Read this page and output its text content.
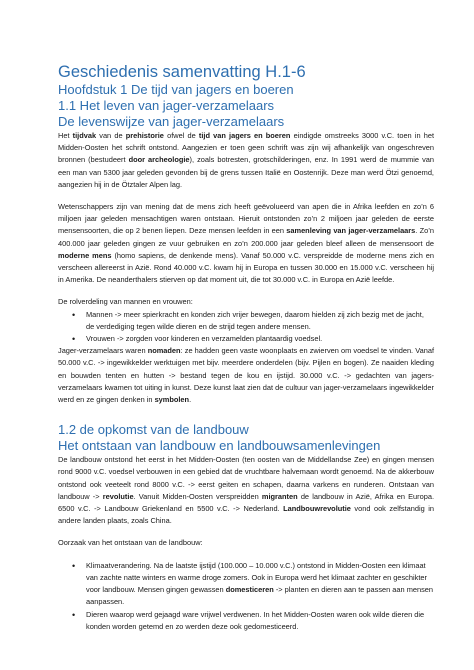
Geschiedenis samenvatting H.1-6
Hoofdstuk 1 De tijd van jagers en boeren
1.1 Het leven van jager-verzamelaars
De levenswijze van jager-verzamelaars

Het tijdvak van de prehistorie ofwel de tijd van jagers en boeren eindigde omstreeks 3000 v.C. toen in het Midden-Oosten het schrift ontstond. Aangezien er toen geen schrift was zijn wij afhankelijk van ongeschreven bronnen (bestudeert door archeologie), zoals botresten, grotschilderingen, enz. In 1991 werd de mummie van een man van 5300 jaar geleden gevonden bij de grens tussen Italië en Oostenrijk. Deze man werd Ötzi genoemd, aangezien hij in de Ötztaler Alpen lag.

Wetenschappers zijn van mening dat de mens zich heeft geëvolueerd van apen die in Afrika leefden en zo’n 6 miljoen jaar geleden mensachtigen waren ontstaan. Hieruit ontstonden zo’n 2 miljoen jaar geleden de eerste mensensoorten, die op 2 benen liepen. Deze mensen leefden in een samenleving van jager-verzamelaars. Zo’n 400.000 jaar geleden gingen ze vuur gebruiken en zo’n 200.000 jaar geleden bleef alleen de mensensoort de moderne mens (homo sapiens, de denkende mens). Vanaf 50.000 v.C. verspreidde de moderne mens zich en verscheen allereerst in Azië. Rond 40.000 v.C. kwam hij in Europa en tussen 30.000 en 15.000 v.C. verscheen hij in Amerika. De neanderthalers stierven op dat moment uit, die tot 30.000 v.C. in Europa en Azië leefde.

De rolverdeling van mannen en vrouwen:

• Mannen -> meer spierkracht en konden zich vrijer bewegen, daarom hielden zij zich bezig met de jacht, de verdediging tegen wilde dieren en de strijd tegen andere mensen.
• Vrouwen -> zorgden voor kinderen en verzamelden plantaardig voedsel.

Jager-verzamelaars waren nomaden: ze hadden geen vaste woonplaats en zwierven om voedsel te vinden. Vanaf 50.000 v.C. -> ingewikkelder werktuigen met bijv. meerdere onderdelen (bijv. Pijlen en bogen). Ze naaiden kleding en bouwden tenten en hutten -> bestand tegen de kou en ijstijd. 30.000 v.C. -> gedachten van jagers-verzamelaars kwamen tot uiting in kunst. Deze kunst laat zien dat de cultuur van jager-verzamelaars ingewikkelder werd en ze gingen denken in symbolen.

1.2 de opkomst van de landbouw
Het ontstaan van landbouw en landbouwsamenlevingen

De landbouw ontstond het eerst in het Midden-Oosten (ten oosten van de Middellandse Zee) en gingen mensen rond 9000 v.C. voedsel verbouwen in een gebied dat de vruchtbare halvemaan wordt genoemd. Na de akkerbouw ontstond ook veeteelt rond 8000 v.C. -> eerst geiten en schapen, daarna varkens en runderen. Ontstaan van landbouw -> revolutie. Vanuit Midden-Oosten verspreidden migranten de landbouw in Azië, Afrika en Europa. 6500 v.C. -> Landbouw Griekenland en 5500 v.C. -> Nederland. Landbouwrevolutie vond ook zelfstandig in andere landen plaats, zoals China.

Oorzaak van het ontstaan van de landbouw:

• Klimaatverandering. Na de laatste ijstijd (100.000 – 10.000 v.C.) ontstond in Midden-Oosten een klimaat van zachte natte winters en warme droge zomers. Ook in Europa werd het klimaat zachter en geschikter voor landbouw. Mensen gingen gewassen domesticeren -> planten en dieren aan te passen aan mensen aanpassen.
• Dieren waarop werd gejaagd ware vrijwel verdwenen. In het Midden-Oosten waren ook wilde dieren die konden worden getemd en zo werden deze ook gedomesticeerd.
